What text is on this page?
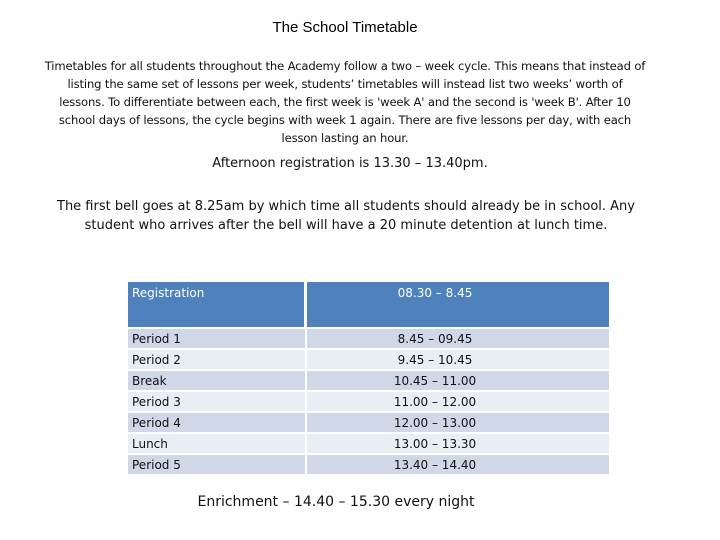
The School Timetable
Timetables for all students throughout the Academy follow a two – week cycle. This means that instead of listing the same set of lessons per week, students’ timetables will instead list two weeks’ worth of lessons. To differentiate between each, the first week is 'week A' and the second is 'week B'. After 10 school days of lessons, the cycle begins with week 1 again. There are five lessons per day, with each lesson lasting an hour.
Afternoon registration is 13.30 – 13.40pm.
The first bell goes at 8.25am by which time all students should already be in school. Any student who arrives after the bell will have a 20 minute detention at lunch time.
Registration	08.30 – 8.45
Period 1	8.45 – 09.45
Period 2	9.45 – 10.45
Break	10.45 – 11.00
Period 3	11.00 – 12.00
Period 4	12.00 – 13.00
Lunch	13.00 – 13.30
Period 5	13.40 – 14.40
Enrichment – 14.40 – 15.30 every night
